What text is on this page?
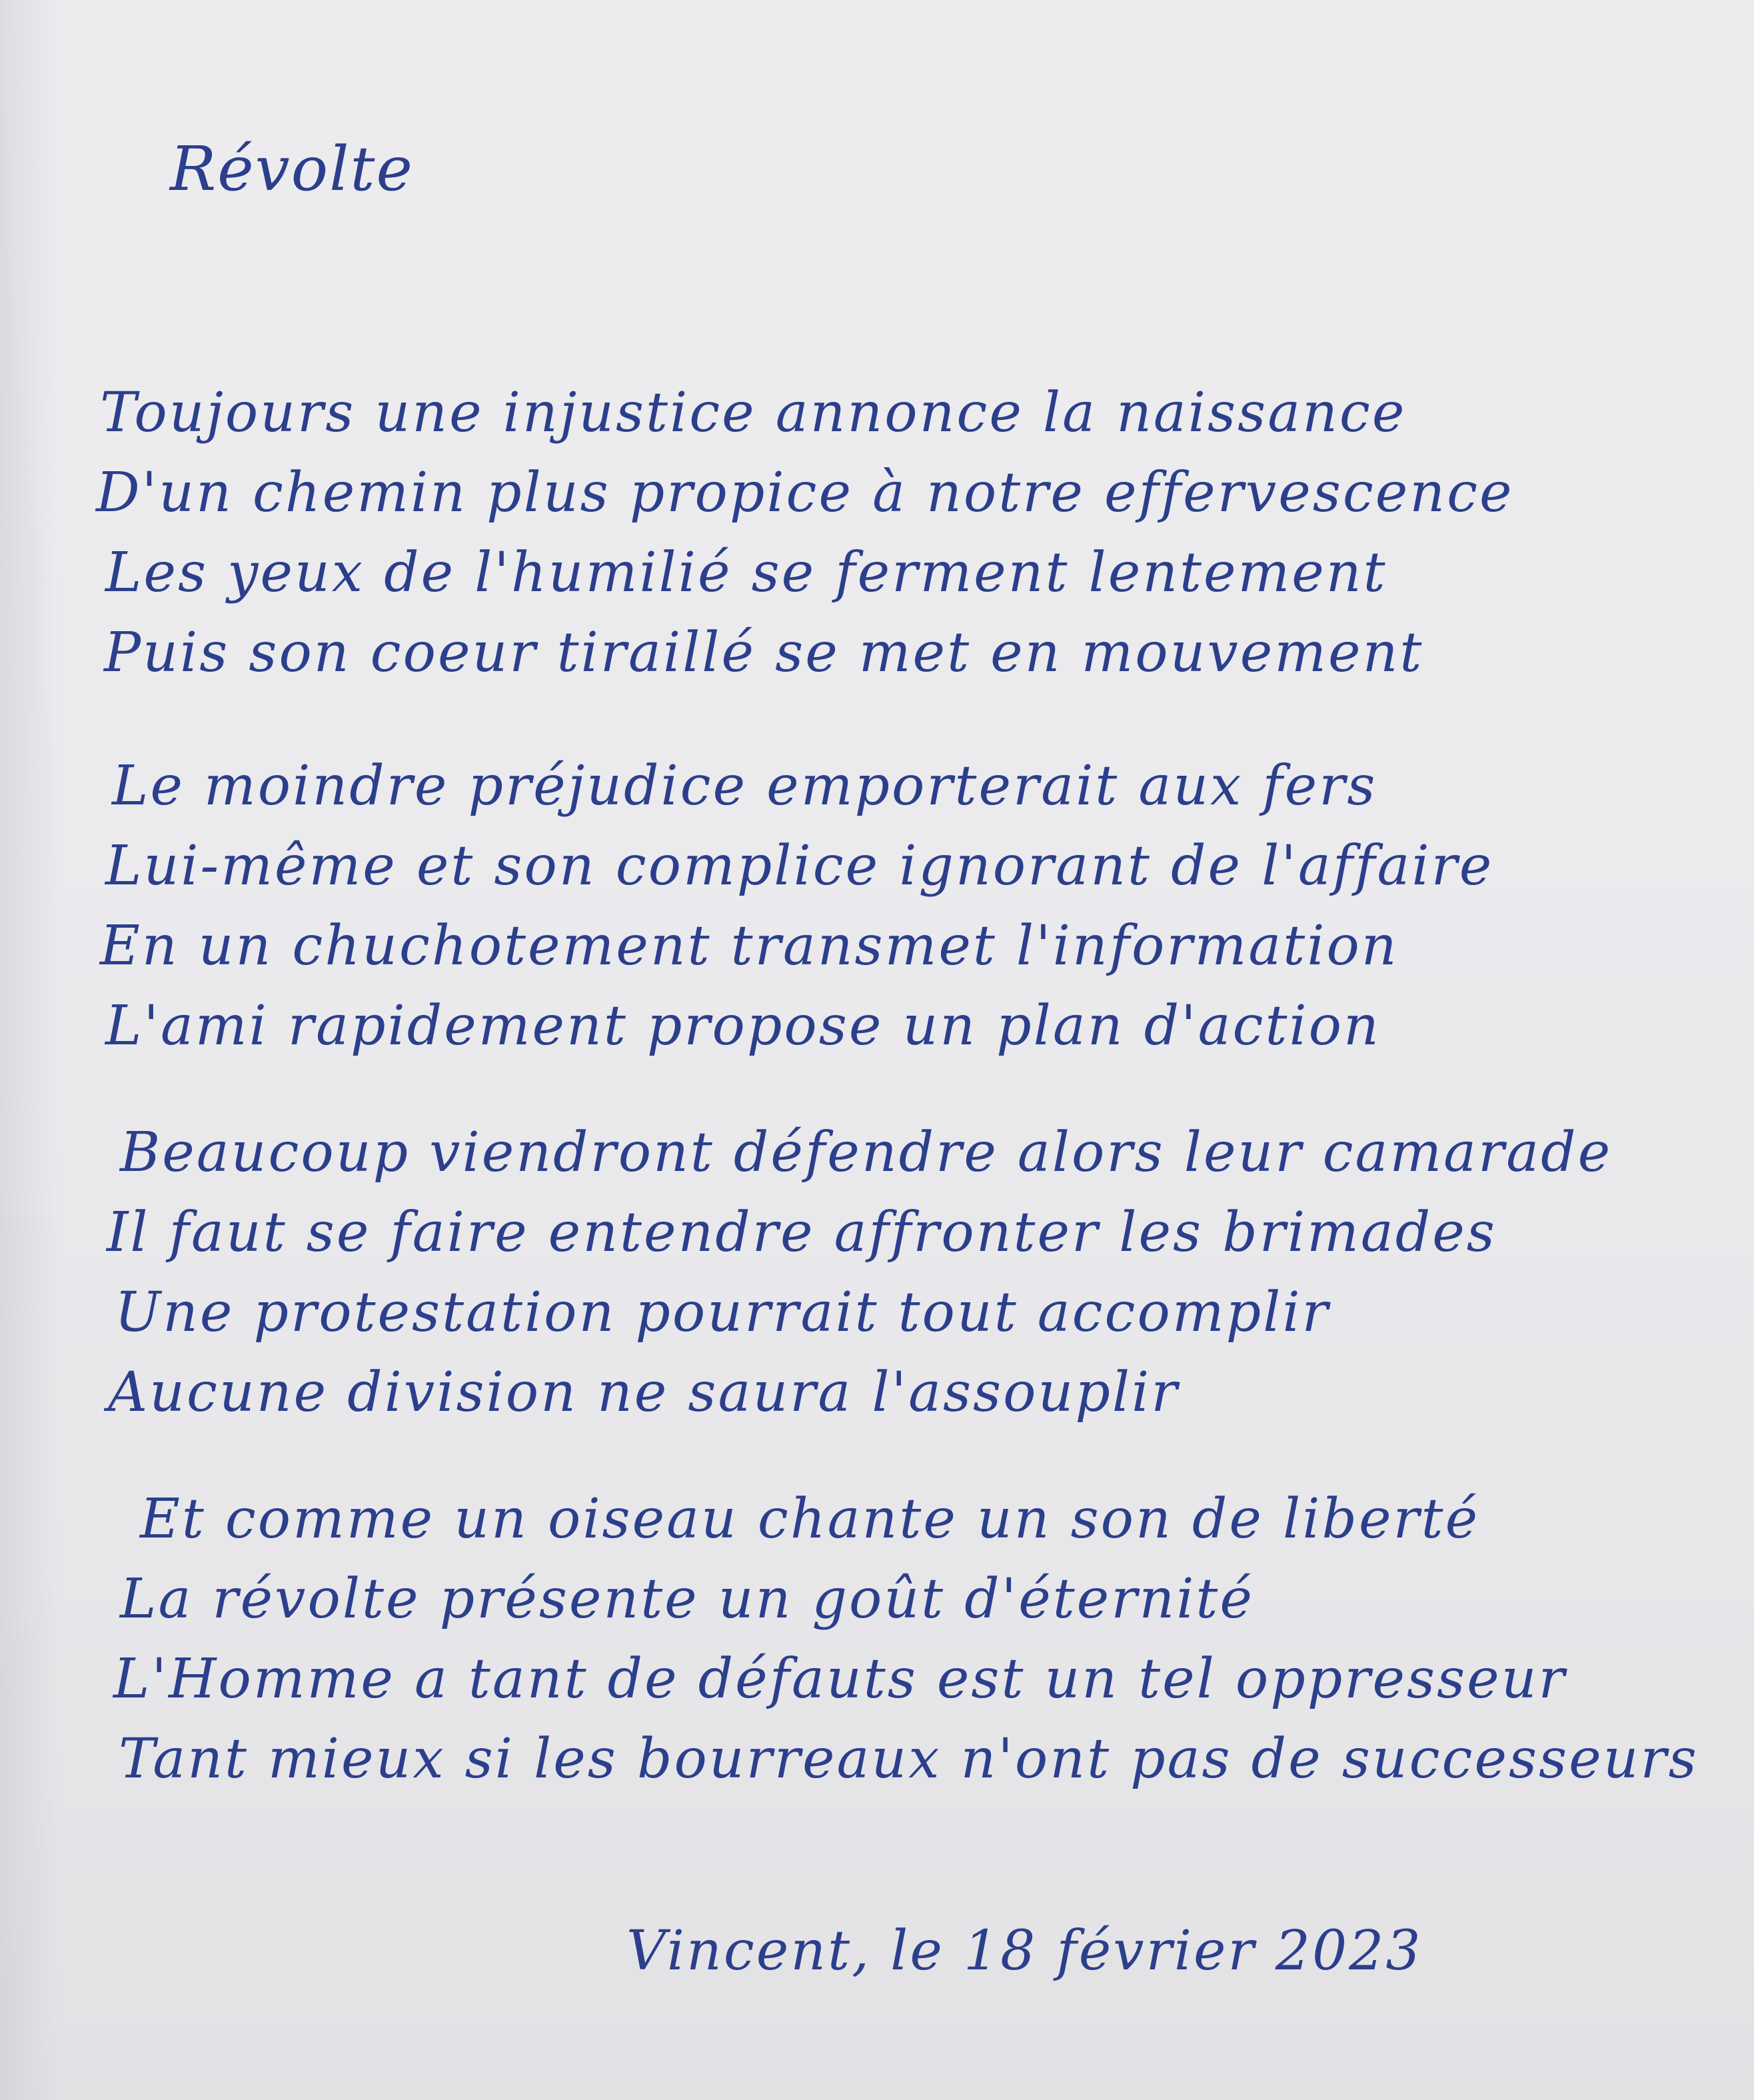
Révolte
Toujours une injustice annonce la naissance
D'un chemin plus propice à notre effervescence
Les yeux de l'humilié se ferment lentement
Puis son coeur tiraillé se met en mouvement
Le moindre préjudice emporterait aux fers
Lui-même et son complice ignorant de l'affaire
En un chuchotement transmet l'information
L'ami rapidement propose un plan d'action
Beaucoup viendront défendre alors leur camarade
Il faut se faire entendre affronter les brimades
Une protestation pourrait tout accomplir
Aucune division ne saura l'assouplir
Et comme un oiseau chante un son de liberté
La révolte présente un goût d'éternité
L'Homme a tant de défauts est un tel oppresseur
Tant mieux si les bourreaux n'ont pas de successeurs
Vincent, le 18 février 2023
